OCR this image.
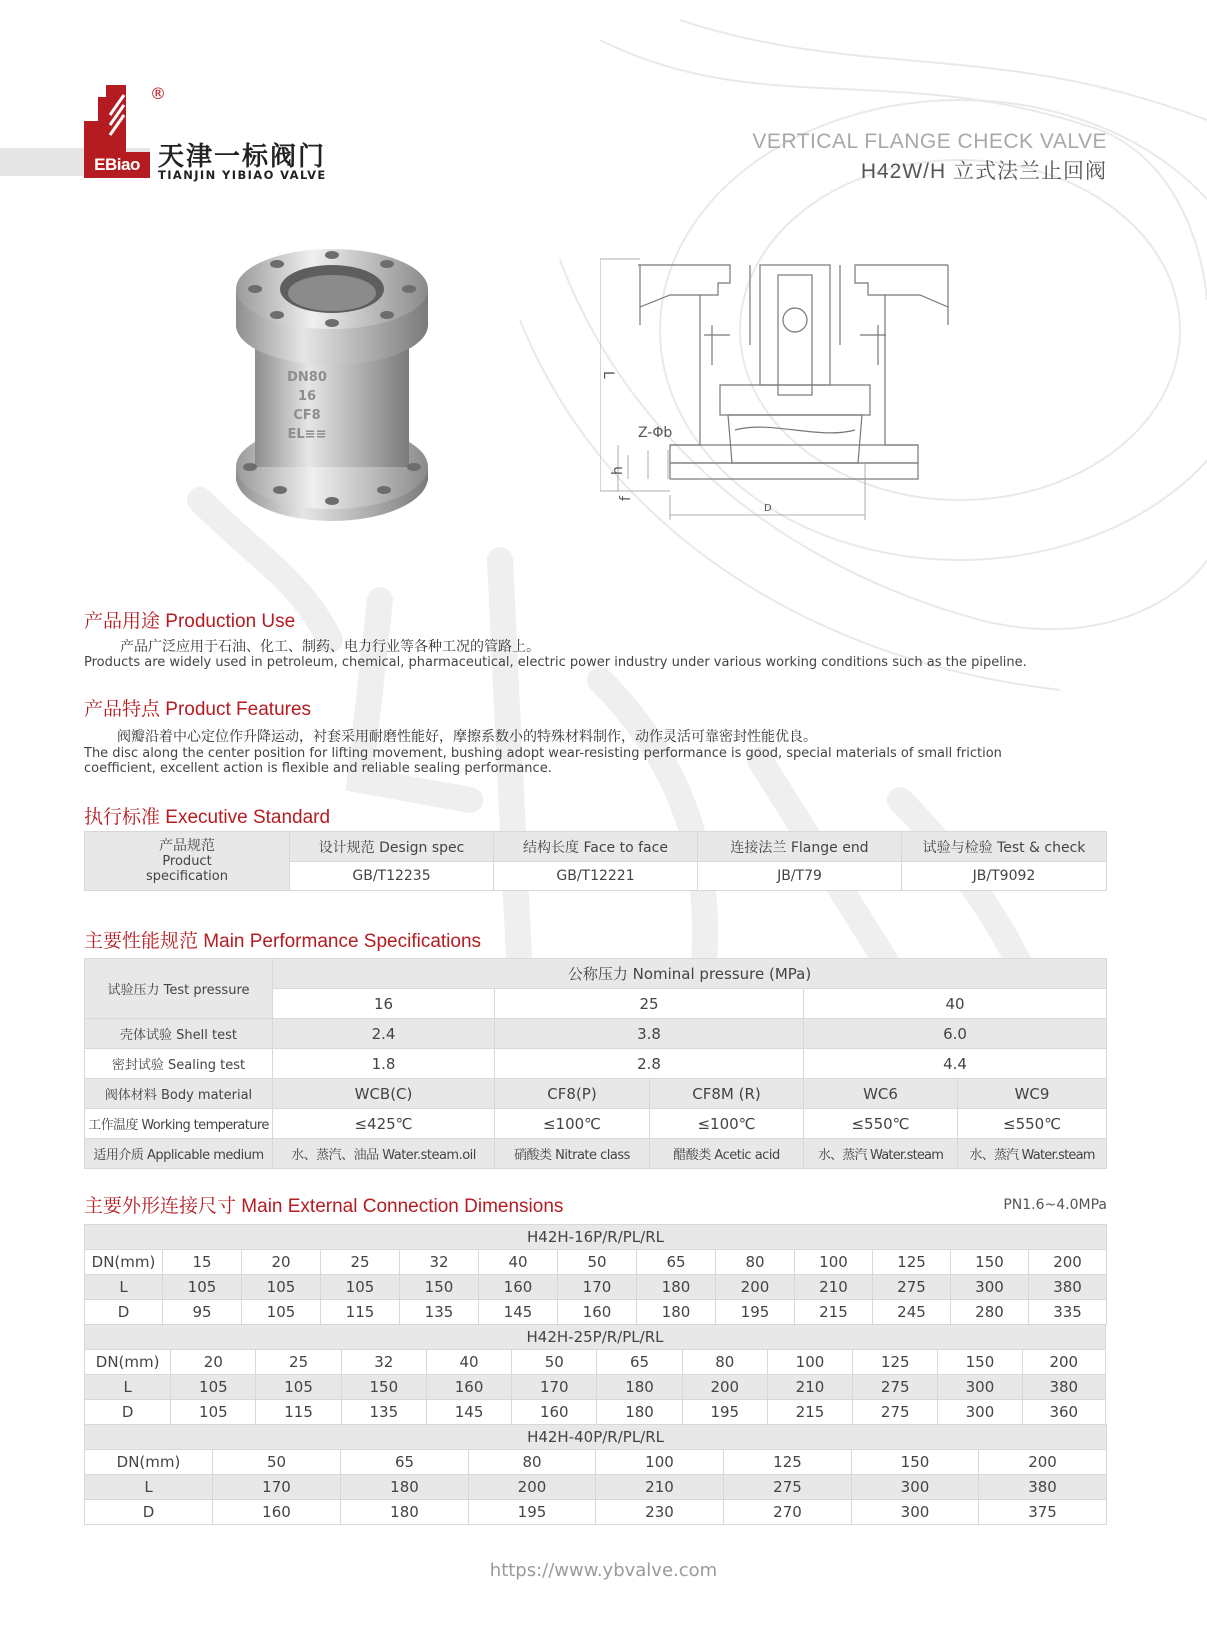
®
EBiao 天津一标阀门
TIANJIN YIBIAO VALVE
VERTICAL FLANGE CHECK VALVE
H42W/H 立式法兰止回阀
DN80
16
CF8
EL≡≡
L
Z-Φb
h
f
D
产品用途 Production Use
产品广泛应用于石油、化工、制药、电力行业等各种工况的管路上。
Products are widely used in petroleum, chemical, pharmaceutical, electric power industry under various working conditions such as the pipeline.
产品特点 Product Features
阀瓣沿着中心定位作升降运动，衬套采用耐磨性能好，摩擦系数小的特殊材料制作，动作灵活可靠密封性能优良。
The disc along the center position for lifting movement, bushing adopt wear-resisting performance is good, special materials of small friction
coefficient, excellent action is flexible and reliable sealing performance.
执行标准 Executive Standard
产品规范
Product
specification	设计规范 Design spec	结构长度 Face to face	连接法兰 Flange end	试验与检验 Test & check
	GB/T12235	GB/T12221	JB/T79	JB/T9092
主要性能规范 Main Performance Specifications
试验压力 Test pressure	公称压力 Nominal pressure (MPa)				
	16	25		40	
壳体试验 Shell test	2.4	3.8		6.0	
密封试验 Sealing test	1.8	2.8		4.4	
阀体材料 Body material	WCB(C)	CF8(P)	CF8M (R)	WC6	WC9
工作温度 Working temperature	≤425℃	≤100℃	≤100℃	≤550℃	≤550℃
适用介质 Applicable medium	水、蒸汽、油品 Water.steam.oil	硝酸类 Nitrate class	醋酸类 Acetic acid	水、蒸汽 Water.steam	水、蒸汽 Water.steam
主要外形连接尺寸 Main External Connection Dimensions	PN1.6~4.0MPa
H42H-16P/R/PL/RL												
DN(mm)	15	20	25	32	40	50	65	80	100	125	150	200
L	105	105	105	150	160	170	180	200	210	275	300	380
D	95	105	115	135	145	160	180	195	215	245	280	335
H42H-25P/R/PL/RL											
DN(mm)	20	25	32	40	50	65	80	100	125	150	200
L	105	105	150	160	170	180	200	210	275	300	380
D	105	115	135	145	160	180	195	215	275	300	360
H42H-40P/R/PL/RL							
DN(mm)	50	65	80	100	125	150	200
L	170	180	200	210	275	300	380
D	160	180	195	230	270	300	375
https://www.ybvalve.com
